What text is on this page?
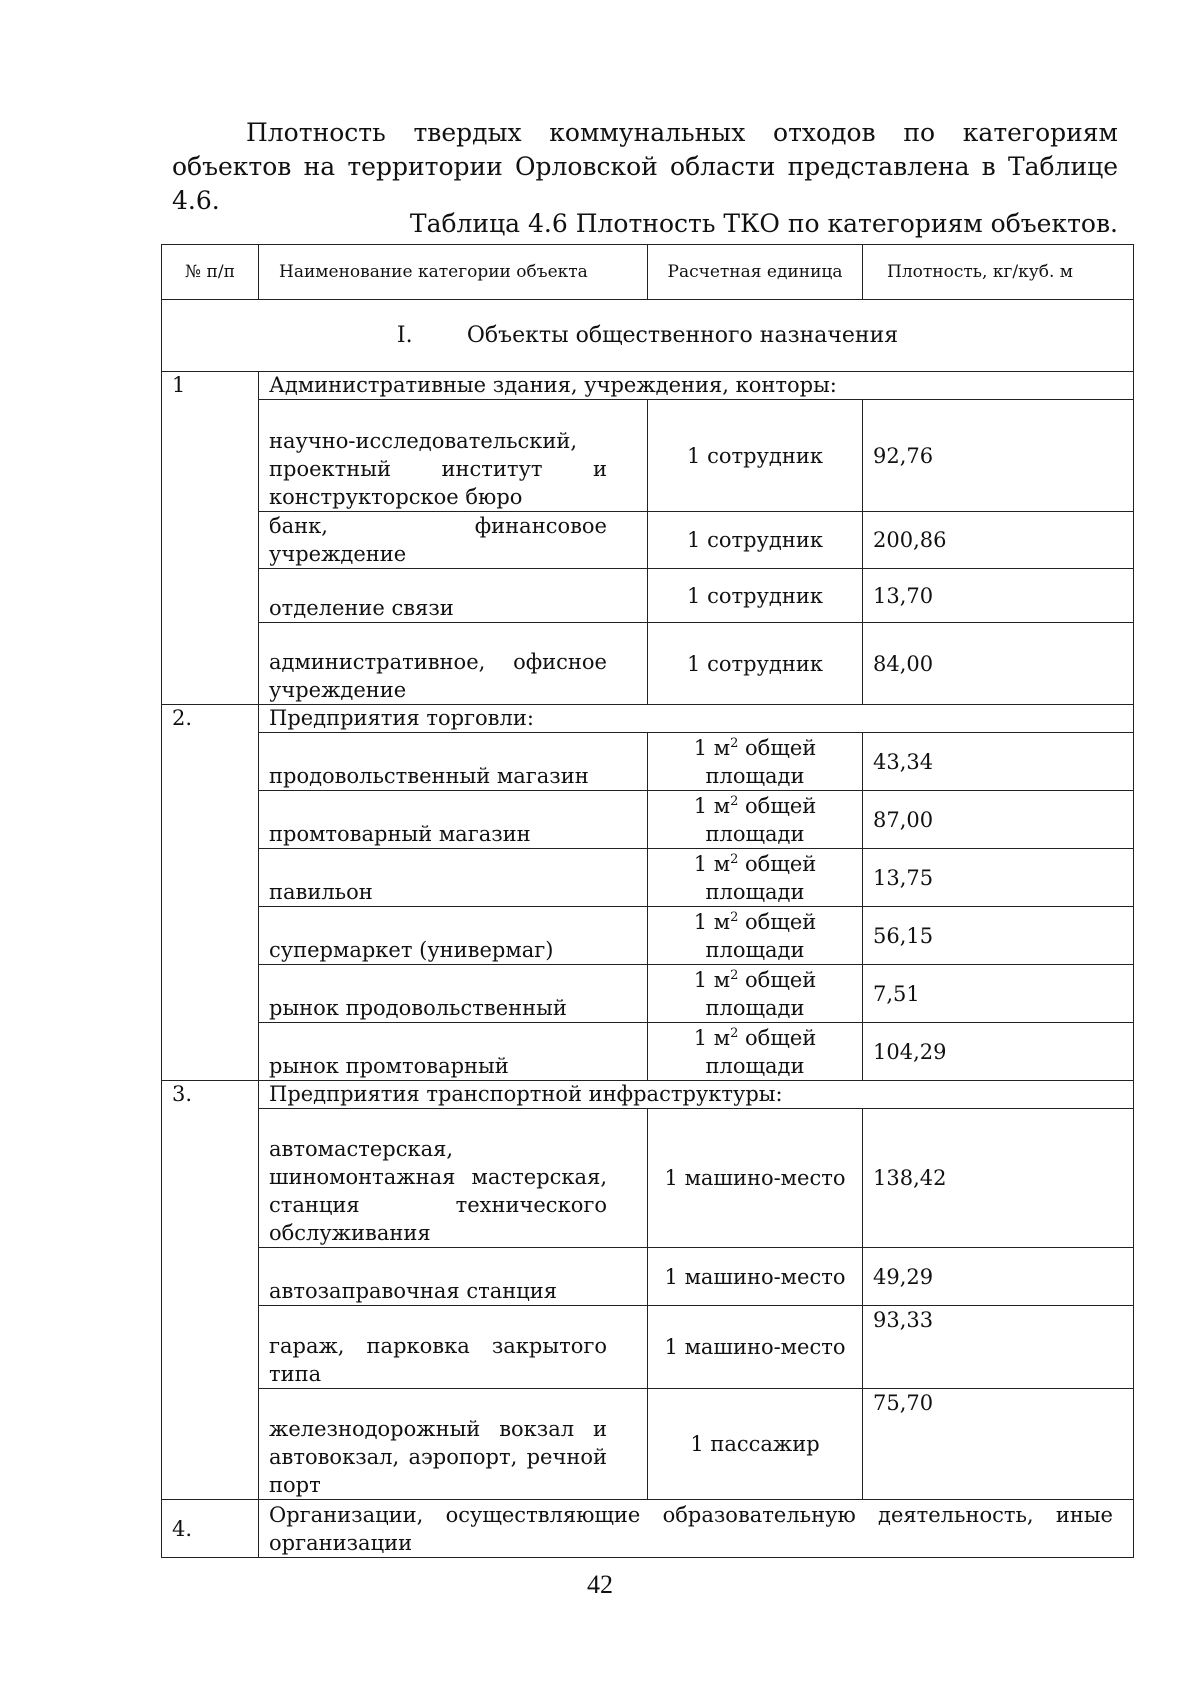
Плотность твердых коммунальных отходов по категориям объектов на территории Орловской области представлена в Таблице 4.6.

Таблица 4.6 Плотность ТКО по категориям объектов.

№ п/п	Наименование категории объекта	Расчетная единица	Плотность, кг/куб. м
I. Объекты общественного назначения			
1	Административные здания, учреждения, конторы:		
	научно-исследовательский, проектный институт и конструкторское бюро	1 сотрудник	92,76
	банк, финансовое учреждение	1 сотрудник	200,86
	отделение связи	1 сотрудник	13,70
	административное, офисное учреждение	1 сотрудник	84,00
2.	Предприятия торговли:		
	продовольственный магазин	1 $м^2$ общей площади	43,34
	промтоварный магазин	1 $м^2$ общей площади	87,00
	павильон	1 $м^2$ общей площади	13,75
	супермаркет (универмаг)	1 $м^2$ общей площади	56,15
	рынок продовольственный	1 $м^2$ общей площади	7,51
	рынок промтоварный	1 $м^2$ общей площади	104,29
3.	Предприятия транспортной инфраструктуры:		
	автомастерская, шиномонтажная мастерская, станция технического обслуживания	1 машино-место	138,42
	автозаправочная станция	1 машино-место	49,29
	гараж, парковка закрытого типа	1 машино-место	93,33
	железнодорожный вокзал и автовокзал, аэропорт, речной порт	1 пассажир	75,70
4.	Организации, осуществляющие образовательную деятельность, иные организации		
42
